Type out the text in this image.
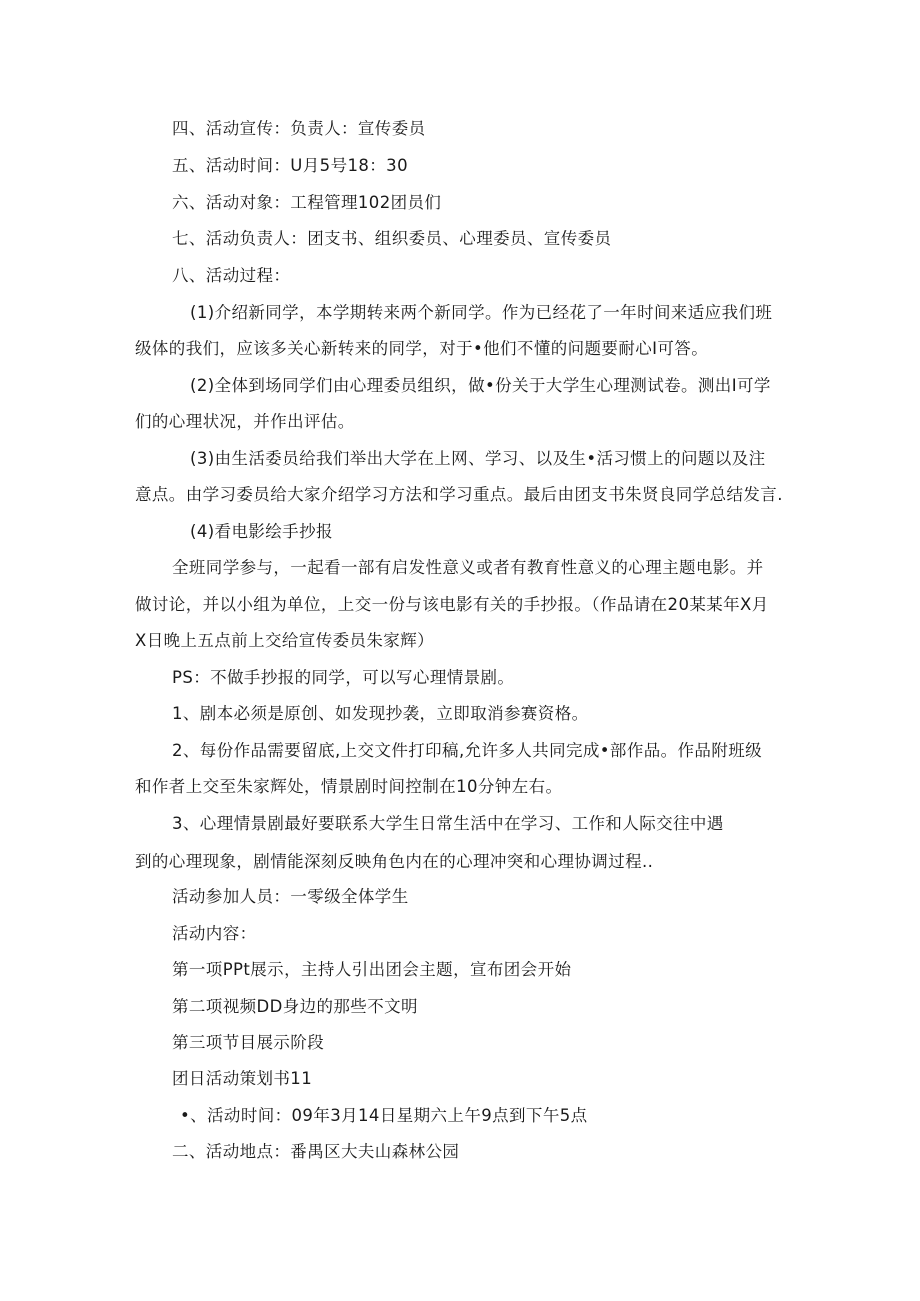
四、活动宣传：负责人：宣传委员
五、活动时间：U月5号18：30
六、活动对象：工程管理102团员们
七、活动负责人：团支书、组织委员、心理委员、宣传委员
八、活动过程：
(1)介绍新同学，本学期转来两个新同学。作为已经花了一年时间来适应我们班
级体的我们，应该多关心新转来的同学，对于•他们不懂的问题要耐心I可答。
(2)全体到场同学们由心理委员组织，做•份关于大学生心理测试卷。测出I可学
们的心理状况，并作出评估。
(3)由生活委员给我们举出大学在上网、学习、以及生•活习惯上的问题以及注
意点。由学习委员给大家介绍学习方法和学习重点。最后由团支书朱贤良同学总结发言.
(4)看电影绘手抄报
全班同学参与，一起看一部有启发性意义或者有教育性意义的心理主题电影。并
做讨论，并以小组为单位，上交一份与该电影有关的手抄报。（作品请在20某某年X月
X日晚上五点前上交给宣传委员朱家辉）
PS：不做手抄报的同学，可以写心理情景剧。
1、剧本必须是原创、如发现抄袭，立即取消参赛资格。
2、每份作品需要留底,上交文件打印稿,允许多人共同完成•部作品。作品附班级
和作者上交至朱家辉处，情景剧时间控制在10分钟左右。
3、心理情景剧最好要联系大学生日常生活中在学习、工作和人际交往中遇
到的心理现象，剧情能深刻反映角色内在的心理冲突和心理协调过程..
活动参加人员：一零级全体学生
活动内容：
第一项PPt展示，主持人引出团会主题，宣布团会开始
第二项视频DD身边的那些不文明
第三项节目展示阶段
团日活动策划书11
•、活动时间：09年3月14日星期六上午9点到下午5点
二、活动地点：番禺区大夫山森林公园
